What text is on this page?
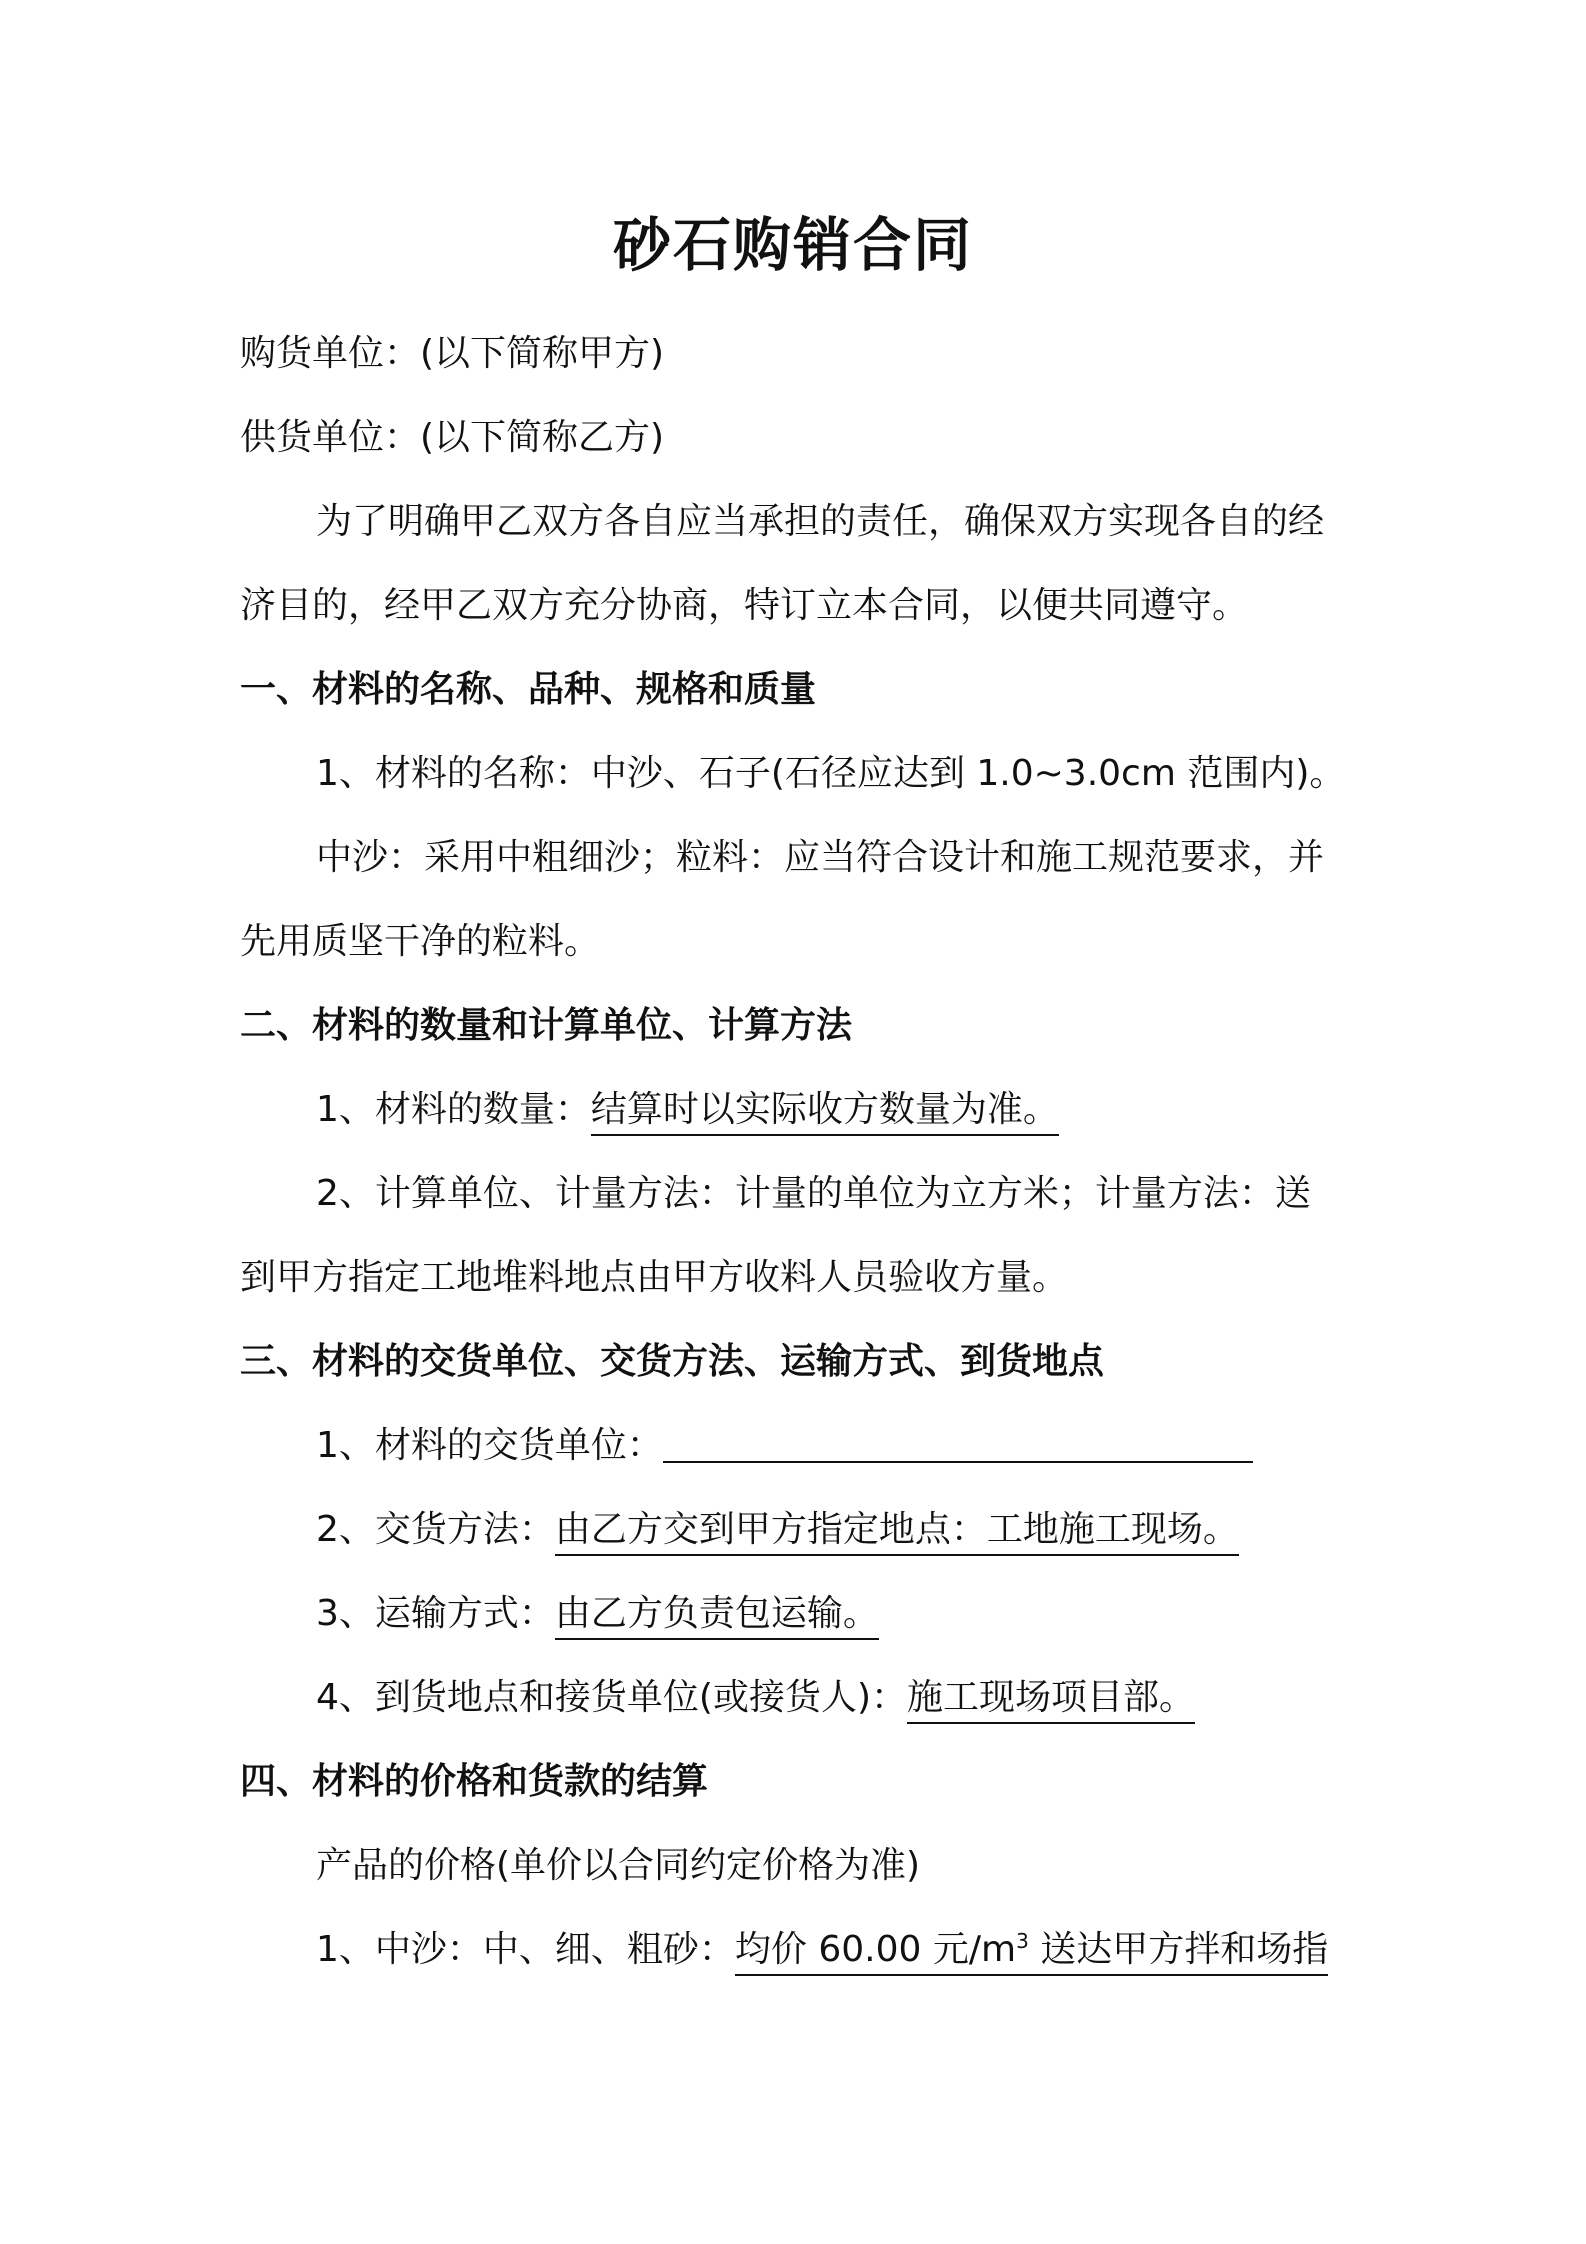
砂石购销合同
购货单位：(以下简称甲方)
供货单位：(以下简称乙方)
为了明确甲乙双方各自应当承担的责任，确保双方实现各自的经
济目的，经甲乙双方充分协商，特订立本合同，以便共同遵守。
一、材料的名称、品种、规格和质量
1、材料的名称：中沙、石子(石径应达到 1.0~3.0cm 范围内)。
中沙：采用中粗细沙；粒料：应当符合设计和施工规范要求，并
先用质坚干净的粒料。
二、材料的数量和计算单位、计算方法
1、材料的数量：结算时以实际收方数量为准。
2、计算单位、计量方法：计量的单位为立方米；计量方法：送
到甲方指定工地堆料地点由甲方收料人员验收方量。
三、材料的交货单位、交货方法、运输方式、到货地点
1、材料的交货单位：
2、交货方法：由乙方交到甲方指定地点：工地施工现场。
3、运输方式：由乙方负责包运输。
4、到货地点和接货单位(或接货人)：施工现场项目部。
四、材料的价格和货款的结算
产品的价格(单价以合同约定价格为准)
1、中沙：中、细、粗砂：均价 60.00 元$/m^3$ 送达甲方拌和场指
